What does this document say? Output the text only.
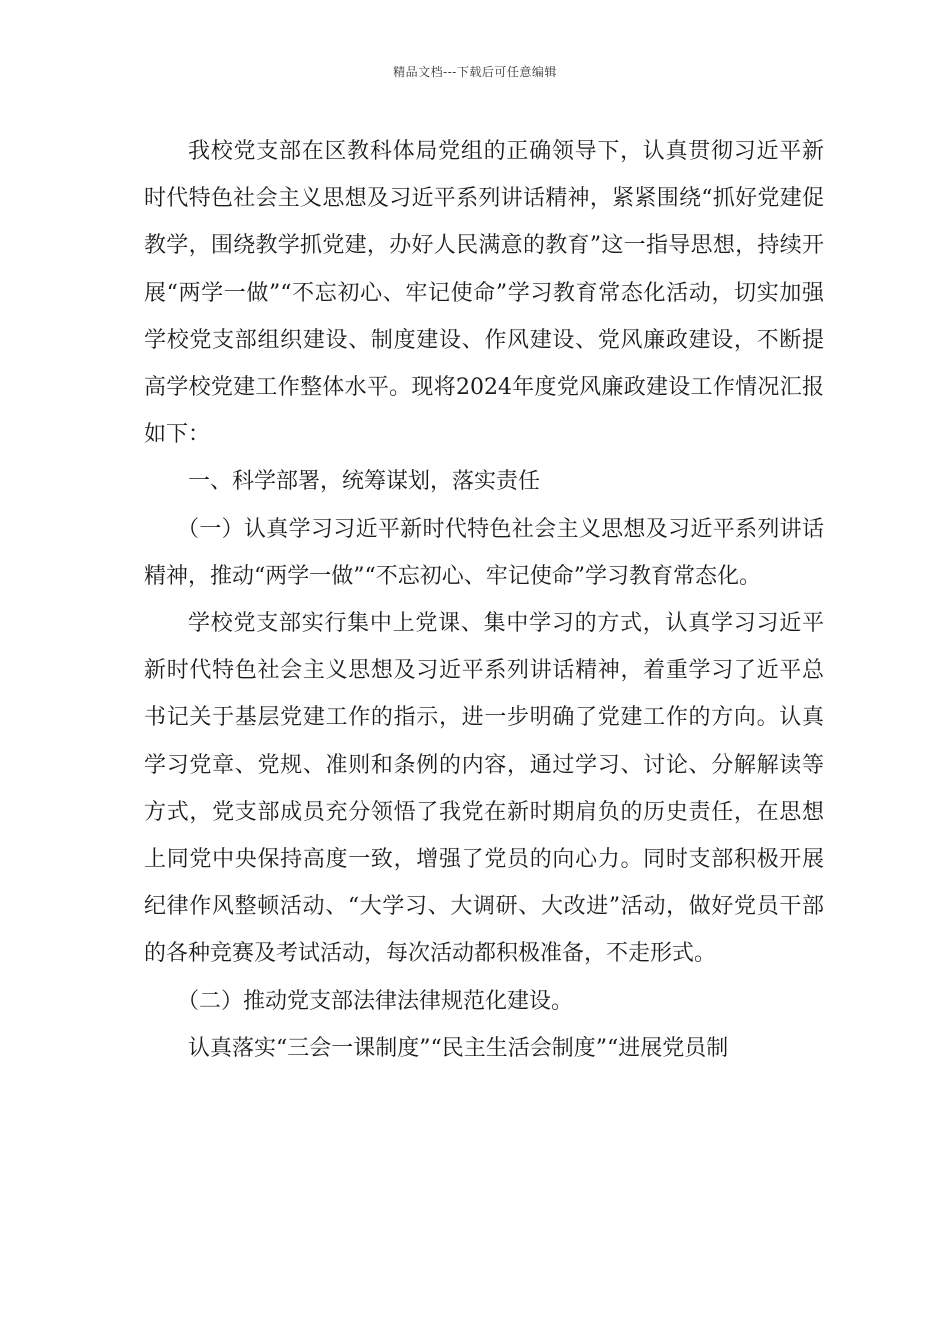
精品文档---下载后可任意编辑

我校党支部在区教科体局党组的正确领导下，认真贯彻习近平新时代特色社会主义思想及习近平系列讲话精神，紧紧围绕“抓好党建促教学，围绕教学抓党建，办好人民满意的教育”这一指导思想，持续开展“两学一做”“不忘初心、牢记使命”学习教育常态化活动，切实加强学校党支部组织建设、制度建设、作风建设、党风廉政建设，不断提高学校党建工作整体水平。现将2024年度党风廉政建设工作情况汇报如下：

一、科学部署，统筹谋划，落实责任

（一）认真学习习近平新时代特色社会主义思想及习近平系列讲话精神，推动“两学一做”“不忘初心、牢记使命”学习教育常态化。

学校党支部实行集中上党课、集中学习的方式，认真学习习近平新时代特色社会主义思想及习近平系列讲话精神，着重学习了近平总书记关于基层党建工作的指示，进一步明确了党建工作的方向。认真学习党章、党规、准则和条例的内容，通过学习、讨论、分解解读等方式，党支部成员充分领悟了我党在新时期肩负的历史责任，在思想上同党中央保持高度一致，增强了党员的向心力。同时支部积极开展纪律作风整顿活动、“大学习、大调研、大改进”活动，做好党员干部的各种竞赛及考试活动，每次活动都积极准备，不走形式。

（二）推动党支部法律法律规范化建设。

认真落实“三会一课制度”“民主生活会制度”“进展党员制
